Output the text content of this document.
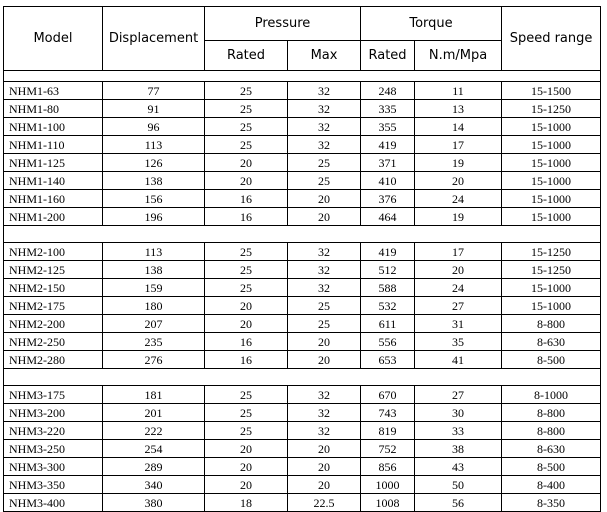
Model	Displacement	Pressure		Torque		Speed range
		Rated	Max	Rated	N.m/Mpa	

NHM1-63	77	25	32	248	11	15-1500
NHM1-80	91	25	32	335	13	15-1250
NHM1-100	96	25	32	355	14	15-1000
NHM1-110	113	25	32	419	17	15-1000
NHM1-125	126	20	25	371	19	15-1000
NHM1-140	138	20	25	410	20	15-1000
NHM1-160	156	16	20	376	24	15-1000
NHM1-200	196	16	20	464	19	15-1000

NHM2-100	113	25	32	419	17	15-1250
NHM2-125	138	25	32	512	20	15-1250
NHM2-150	159	25	32	588	24	15-1000
NHM2-175	180	20	25	532	27	15-1000
NHM2-200	207	20	25	611	31	8-800
NHM2-250	235	16	20	556	35	8-630
NHM2-280	276	16	20	653	41	8-500

NHM3-175	181	25	32	670	27	8-1000
NHM3-200	201	25	32	743	30	8-800
NHM3-220	222	25	32	819	33	8-800
NHM3-250	254	20	20	752	38	8-630
NHM3-300	289	20	20	856	43	8-500
NHM3-350	340	20	20	1000	50	8-400
NHM3-400	380	18	22.5	1008	56	8-350
